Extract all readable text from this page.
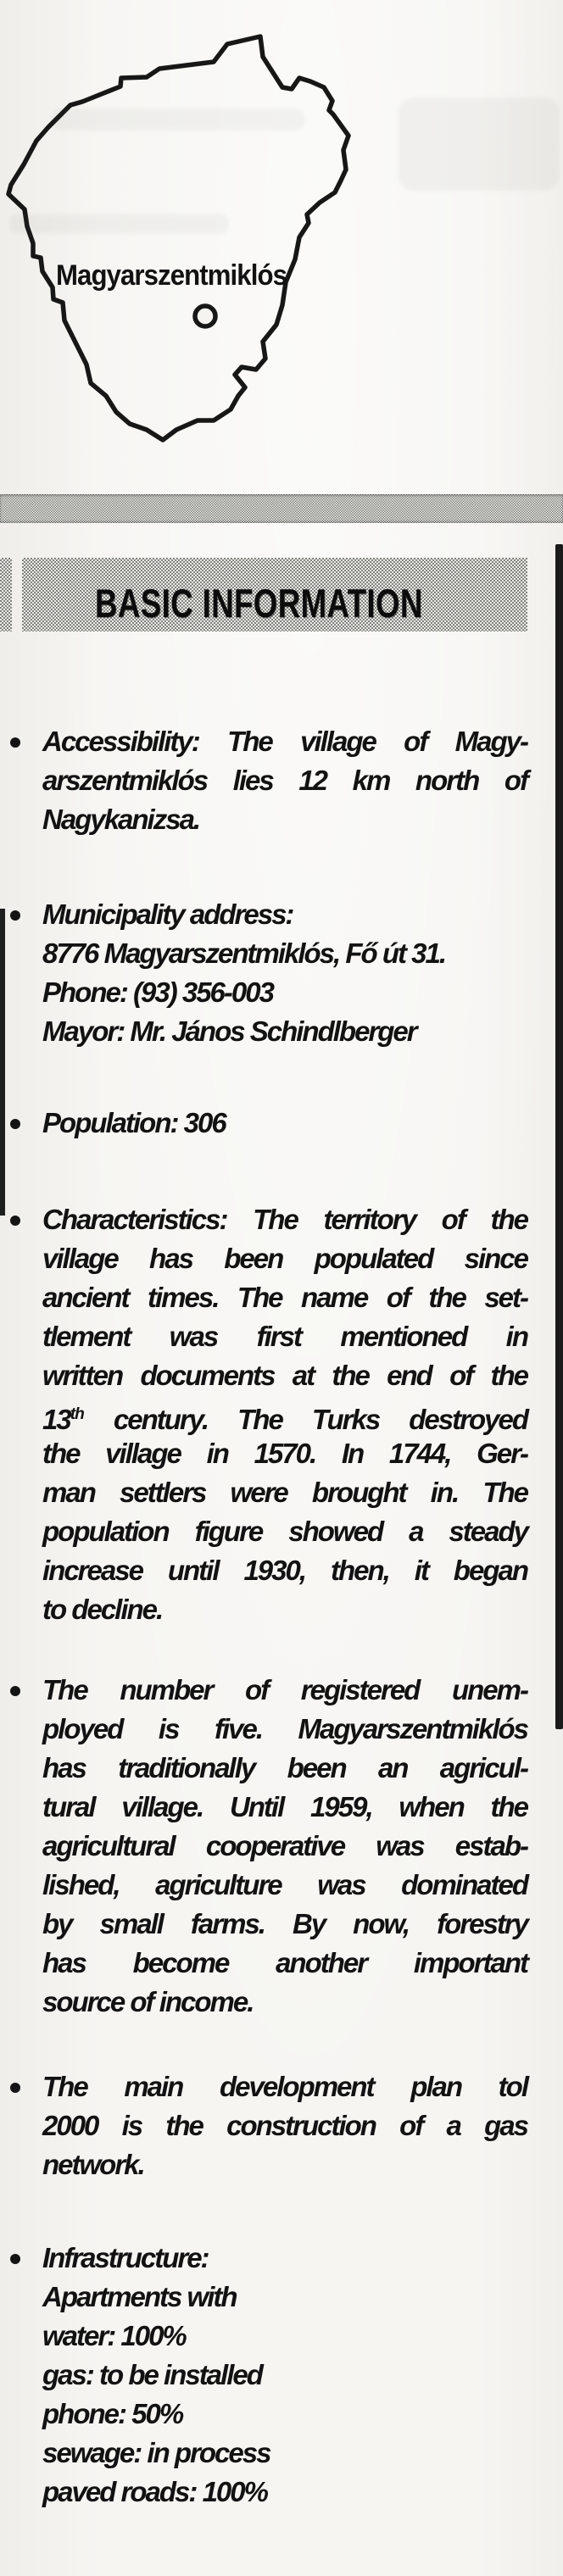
Magyarszentmiklós
BASIC INFORMATION
Accessibility: The village of Magy-
arszentmiklós lies 12 km north of
Nagykanizsa.
Municipality address:
8776 Magyarszentmiklós, Fő út 31.
Phone: (93) 356-003
Mayor: Mr. János Schindlberger
Population: 306
Characteristics: The territory of the
village has been populated since
ancient times. The name of the set-
tlement was first mentioned in
written documents at the end of the
13th century. The Turks destroyed
the village in 1570. In 1744, Ger-
man settlers were brought in. The
population figure showed a steady
increase until 1930, then, it began
to decline.
The number of registered unem-
ployed is five. Magyarszentmiklós
has traditionally been an agricul-
tural village. Until 1959, when the
agricultural cooperative was estab-
lished, agriculture was dominated
by small farms. By now, forestry
has become another important
source of income.
The main development plan tol
2000 is the construction of a gas
network.
Infrastructure:
Apartments with
water: 100%
gas: to be installed
phone: 50%
sewage: in process
paved roads: 100%
